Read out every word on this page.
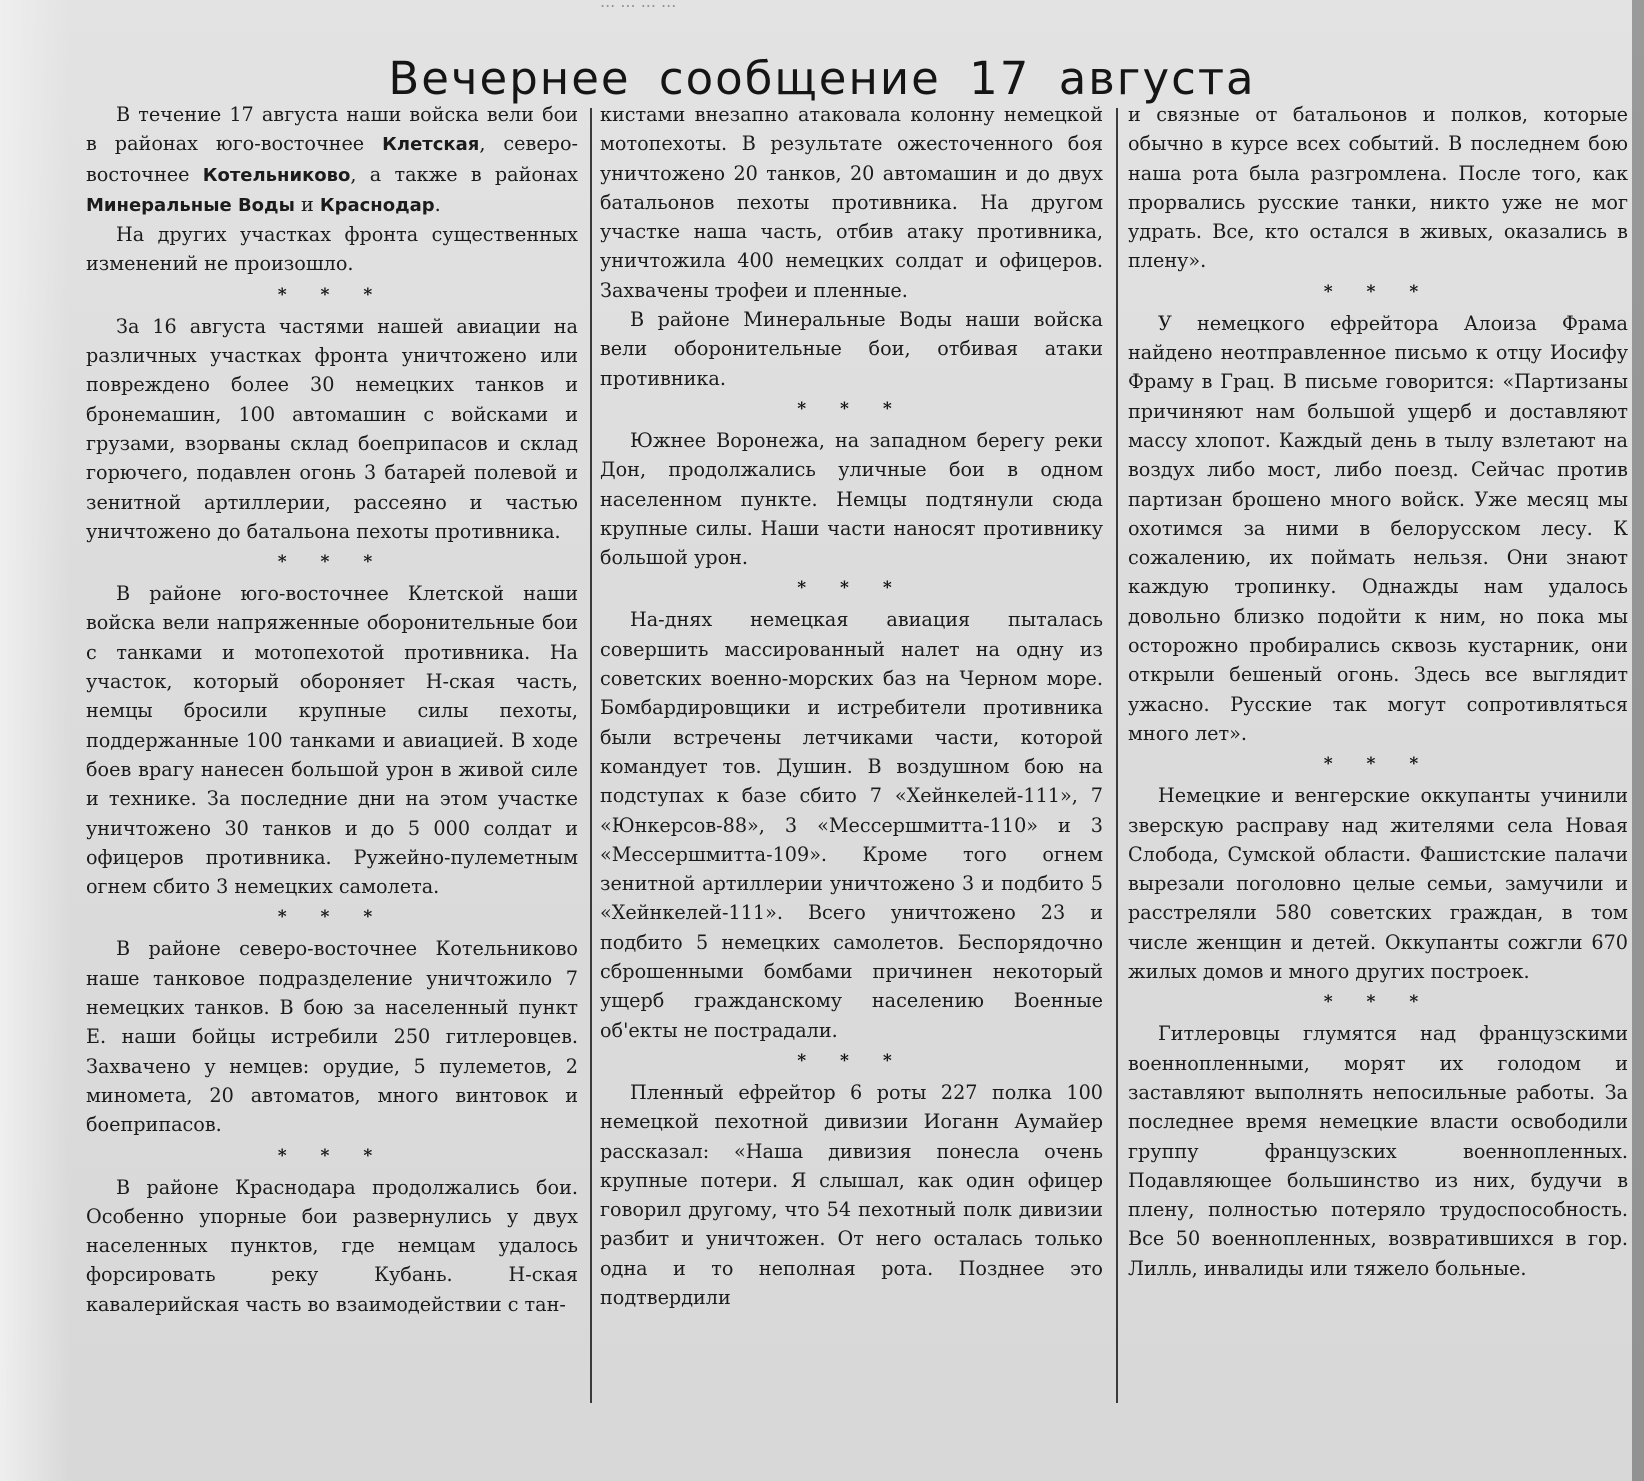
... ... ... ...
Вечернее сообщение 17 августа

В течение 17 августа наши войска вели бои в районах юго-восточнее Клетская, северо-восточнее Котельниково, а также в районах Минеральные Воды и Краснодар.

На других участках фронта существенных изменений не произошло.

* * *

За 16 августа частями нашей авиации на различных участках фронта уничтожено или повреждено более 30 немецких танков и бронемашин, 100 автомашин с войсками и грузами, взорваны склад боеприпасов и склад горючего, подавлен огонь 3 батарей полевой и зенитной артиллерии, рассеяно и частью уничтожено до батальона пехоты противника.

* * *

В районе юго-восточнее Клетской наши войска вели напряженные оборонительные бои с танками и мотопехотой противника. На участок, который обороняет Н-ская часть, немцы бросили крупные силы пехоты, поддержанные 100 танками и авиацией. В ходе боев врагу нанесен большой урон в живой силе и технике. За последние дни на этом участке уничтожено 30 танков и до 5 000 солдат и офицеров противника. Ружейно-пулеметным огнем сбито 3 немецких самолета.

* * *

В районе северо-восточнее Котельниково наше танковое подразделение уничтожило 7 немецких танков. В бою за населенный пункт Е. наши бойцы истребили 250 гитлеровцев. Захвачено у немцев: орудие, 5 пулеметов, 2 миномета, 20 автоматов, много винтовок и боеприпасов.

* * *

В районе Краснодара продолжались бои. Особенно упорные бои развернулись у двух населенных пунктов, где немцам удалось форсировать реку Кубань. Н-ская кавалерийская часть во взаимодействии с тан-

кистами внезапно атаковала колонну немецкой мотопехоты. В результате ожесточенного боя уничтожено 20 танков, 20 автомашин и до двух батальонов пехоты противника. На другом участке наша часть, отбив атаку противника, уничтожила 400 немецких солдат и офицеров. Захвачены трофеи и пленные.

В районе Минеральные Воды наши войска вели оборонительные бои, отбивая атаки противника.

* * *

Южнее Воронежа, на западном берегу реки Дон, продолжались уличные бои в одном населенном пункте. Немцы подтянули сюда крупные силы. Наши части наносят противнику большой урон.

* * *

На-днях немецкая авиация пыталась совершить массированный налет на одну из советских военно-морских баз на Черном море. Бомбардировщики и истребители противника были встречены летчиками части, которой командует тов. Душин. В воздушном бою на подступах к базе сбито 7 «Хейнкелей-111», 7 «Юнкерсов-88», 3 «Мессершмитта-110» и 3 «Мессершмитта-109». Кроме того огнем зенитной артиллерии уничтожено 3 и подбито 5 «Хейнкелей-111». Всего уничтожено 23 и подбито 5 немецких самолетов. Беспорядочно сброшенными бомбами причинен некоторый ущерб гражданскому населению Военные об'екты не пострадали.

* * *

Пленный ефрейтор 6 роты 227 полка 100 немецкой пехотной дивизии Иоганн Аумайер рассказал: «Наша дивизия понесла очень крупные потери. Я слышал, как один офицер говорил другому, что 54 пехотный полк дивизии разбит и уничтожен. От него осталась только одна и то неполная рота. Позднее это подтвердили

и связные от батальонов и полков, которые обычно в курсе всех событий. В последнем бою наша рота была разгромлена. После того, как прорвались русские танки, никто уже не мог удрать. Все, кто остался в живых, оказались в плену».

* * *

У немецкого ефрейтора Алоиза Фрама найдено неотправленное письмо к отцу Иосифу Фраму в Грац. В письме говорится: «Партизаны причиняют нам большой ущерб и доставляют массу хлопот. Каждый день в тылу взлетают на воздух либо мост, либо поезд. Сейчас против партизан брошено много войск. Уже месяц мы охотимся за ними в белорусском лесу. К сожалению, их поймать нельзя. Они знают каждую тропинку. Однажды нам удалось довольно близко подойти к ним, но пока мы осторожно пробирались сквозь кустарник, они открыли бешеный огонь. Здесь все выглядит ужасно. Русские так могут сопротивляться много лет».

* * *

Немецкие и венгерские оккупанты учинили зверскую расправу над жителями села Новая Слобода, Сумской области. Фашистские палачи вырезали поголовно целые семьи, замучили и расстреляли 580 советских граждан, в том числе женщин и детей. Оккупанты сожгли 670 жилых домов и много других построек.

* * *

Гитлеровцы глумятся над французскими военнопленными, морят их голодом и заставляют выполнять непосильные работы. За последнее время немецкие власти освободили группу французских военнопленных. Подавляющее большинство из них, будучи в плену, полностью потеряло трудоспособность. Все 50 военнопленных, возвратившихся в гор. Лилль, инвалиды или тяжело больные.
